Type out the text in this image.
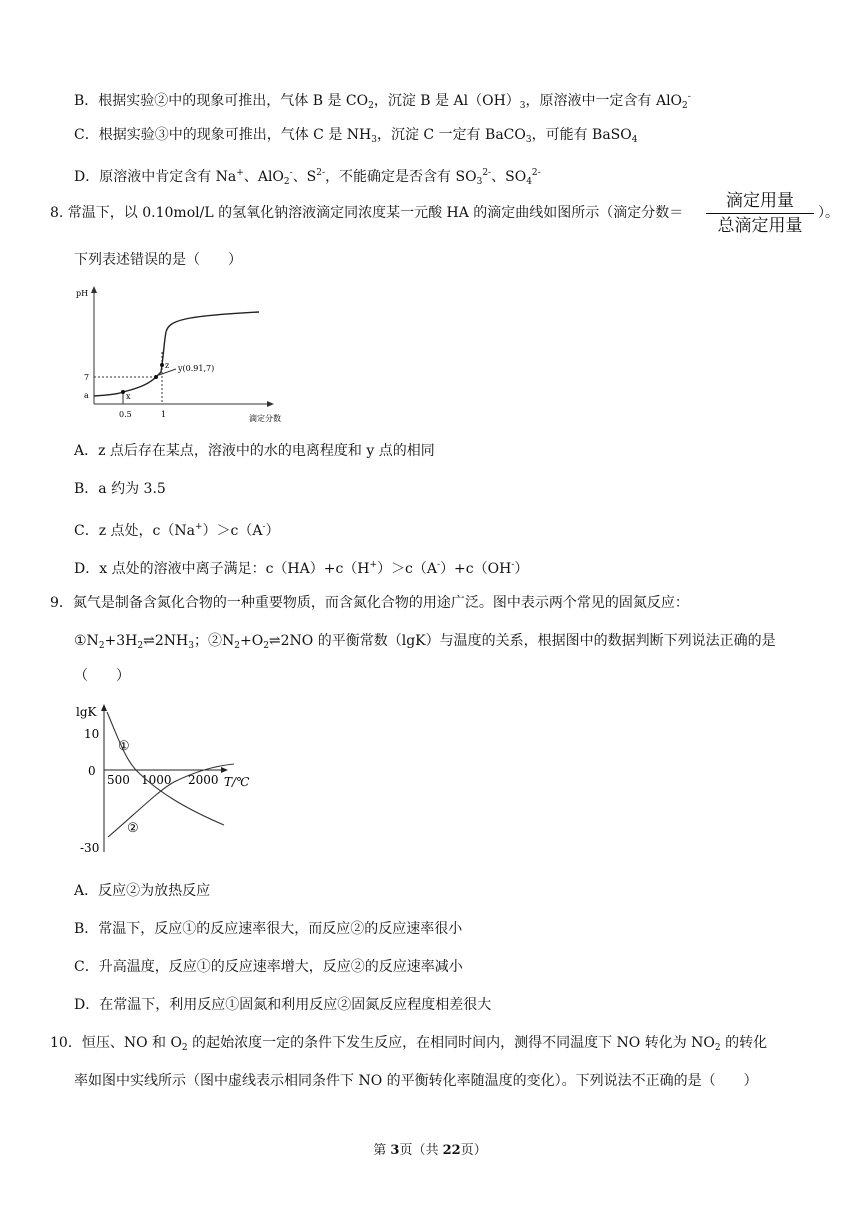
B．根据实验②中的现象可推出，气体 B 是 $CO_2$，沉淀 B 是 $Al(OH)_3$，原溶液中一定含有 AlO$_2$-
C．根据实验③中的现象可推出，气体 C 是 $NH_3$，沉淀 C 一定有 BaCO$_3$，可能有 BaSO$_4$
D．原溶液中肯定含有 Na+、AlO$_2$-、$S^{2-}$，不能确定是否含有 $SO_3^{2-}$、$SO_4^{2-}$
8. 常温下，以 0.10mol/L 的氢氧化钠溶液滴定同浓度某一元酸 HA 的滴定曲线如图所示（滴定分数＝
滴定用量
总滴定用量
）。
下列表述错误的是（　　）
pH
滴定分数
0.5	1
7
a	x
z y(0.91,7)
A．z 点后存在某点，溶液中的水的电离程度和 y 点的相同
B．a 约为 3.5
C．z 点处，c（Na+）＞c（A-）
D．x 点处的溶液中离子满足：c（HA）+c（H+）＞c（A-）+c（OH-）
9．氮气是制备含氮化合物的一种重要物质，而含氮化合物的用途广泛。图中表示两个常见的固氮反应：
$①N_2+3H_2\rightleftharpoons 2NH_3$；$②N_2+O_2\rightleftharpoons 2NO$ 的平衡常数（lgK）与温度的关系，根据图中的数据判断下列说法正确的是
（　　）
lgK
10
0
-30
500 1000 2000 T/℃
①
②
A．反应②为放热反应
B．常温下，反应①的反应速率很大，而反应②的反应速率很小
C．升高温度，反应①的反应速率增大，反应②的反应速率减小
D．在常温下，利用反应①固氮和利用反应②固氮反应程度相差很大
10．恒压、NO 和 $O_2$ 的起始浓度一定的条件下发生反应，在相同时间内，测得不同温度下 NO 转化为 $NO_2$ 的转化
率如图中实线所示（图中虚线表示相同条件下 NO 的平衡转化率随温度的变化）。下列说法不正确的是（　　）
第 3页（共 22页）
